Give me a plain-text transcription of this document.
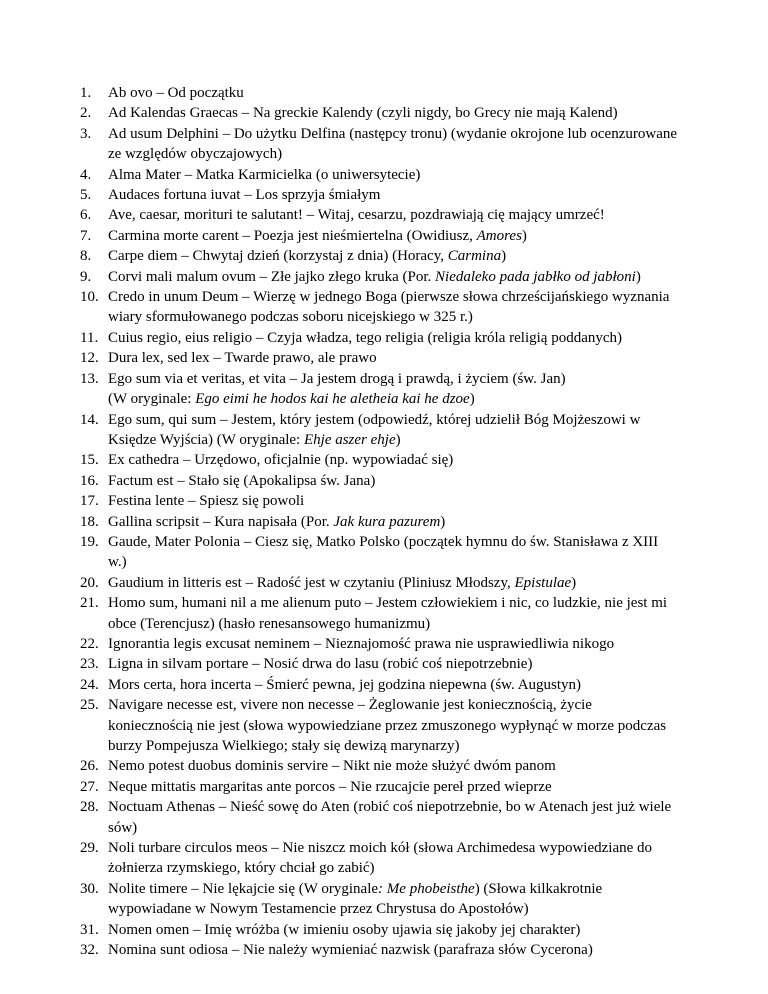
1.	Ab ovo – Od początku
2.	Ad Kalendas Graecas – Na greckie Kalendy (czyli nigdy, bo Grecy nie mają Kalend)
3.	Ad usum Delphini – Do użytku Delfina (następcy tronu) (wydanie okrojone lub ocenzurowane ze względów obyczajowych)
4.	Alma Mater – Matka Karmicielka (o uniwersytecie)
5.	Audaces fortuna iuvat – Los sprzyja śmiałym
6.	Ave, caesar, morituri te salutant! – Witaj, cesarzu, pozdrawiają cię mający umrzeć!
7.	Carmina morte carent – Poezja jest nieśmiertelna (Owidiusz, Amores)
8.	Carpe diem – Chwytaj dzień (korzystaj z dnia) (Horacy, Carmina)
9.	Corvi mali malum ovum – Złe jajko złego kruka (Por. Niedaleko pada jabłko od jabłoni)
10. Credo in unum Deum – Wierzę w jednego Boga (pierwsze słowa chrześcijańskiego wyznania wiary sformułowanego podczas soboru nicejskiego w 325 r.)
11. Cuius regio, eius religio – Czyja władza, tego religia (religia króla religią poddanych)
12. Dura lex, sed lex – Twarde prawo, ale prawo
13. Ego sum via et veritas, et vita – Ja jestem drogą i prawdą, i życiem (św. Jan)
(W oryginale: Ego eimi he hodos kai he aletheia kai he dzoe)
14. Ego sum, qui sum – Jestem, który jestem (odpowiedź, której udzielił Bóg Mojżeszowi w Księdze Wyjścia) (W oryginale: Ehje aszer ehje)
15. Ex cathedra – Urzędowo, oficjalnie (np. wypowiadać się)
16. Factum est – Stało się (Apokalipsa św. Jana)
17. Festina lente – Spiesz się powoli
18. Gallina scripsit – Kura napisała (Por. Jak kura pazurem)
19. Gaude, Mater Polonia – Ciesz się, Matko Polsko (początek hymnu do św. Stanisława z XIII w.)
20. Gaudium in litteris est – Radość jest w czytaniu (Pliniusz Młodszy, Epistulae)
21. Homo sum, humani nil a me alienum puto – Jestem człowiekiem i nic, co ludzkie, nie jest mi obce (Terencjusz) (hasło renesansowego humanizmu)
22. Ignorantia legis excusat neminem – Nieznajomość prawa nie usprawiedliwia nikogo
23. Ligna in silvam portare – Nosić drwa do lasu (robić coś niepotrzebnie)
24. Mors certa, hora incerta – Śmierć pewna, jej godzina niepewna (św. Augustyn)
25. Navigare necesse est, vivere non necesse – Żeglowanie jest koniecznością, życie koniecznością nie jest (słowa wypowiedziane przez zmuszonego wypłynąć w morze podczas burzy Pompejusza Wielkiego; stały się dewizą marynarzy)
26. Nemo potest duobus dominis servire – Nikt nie może służyć dwóm panom
27. Neque mittatis margaritas ante porcos – Nie rzucajcie pereł przed wieprze
28. Noctuam Athenas – Nieść sowę do Aten (robić coś niepotrzebnie, bo w Atenach jest już wiele sów)
29. Noli turbare circulos meos – Nie niszcz moich kół (słowa Archimedesa wypowiedziane do żołnierza rzymskiego, który chciał go zabić)
30. Nolite timere – Nie lękajcie się (W oryginale: Me phobeisthe) (Słowa kilkakrotnie wypowiadane w Nowym Testamencie przez Chrystusa do Apostołów)
31. Nomen omen – Imię wróżba (w imieniu osoby ujawia się jakoby jej charakter)
32. Nomina sunt odiosa – Nie należy wymieniać nazwisk (parafraza słów Cycerona)
